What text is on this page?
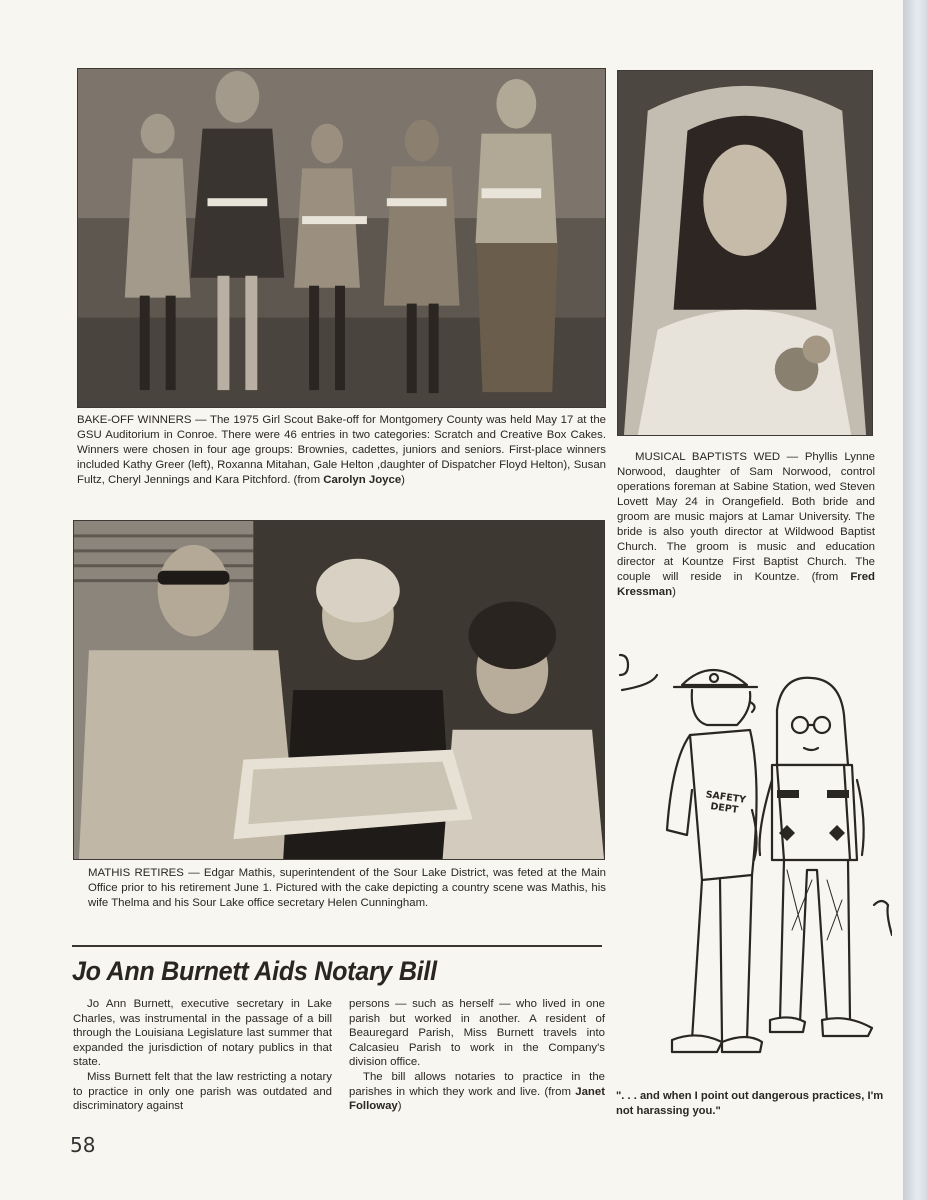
BAKE-OFF WINNERS — The 1975 Girl Scout Bake-off for Montgomery County was held May 17 at the GSU Auditorium in Conroe. There were 46 entries in two categories: Scratch and Creative Box Cakes. Winners were chosen in four age groups: Brownies, cadettes, juniors and seniors. First-place winners included Kathy Greer (left), Roxanna Mitahan, Gale Helton ,daughter of Dispatcher Floyd Helton), Susan Fultz, Cheryl Jennings and Kara Pitchford. (from Carolyn Joyce)
MUSICAL BAPTISTS WED — Phyllis Lynne Norwood, daughter of Sam Norwood, control operations foreman at Sabine Station, wed Steven Lovett May 24 in Orangefield. Both bride and groom are music majors at Lamar University. The bride is also youth director at Wildwood Baptist Church. The groom is music and education director at Kountze First Baptist Church. The couple will reside in Kountze. (from Fred Kressman)
MATHIS RETIRES — Edgar Mathis, superintendent of the Sour Lake District, was feted at the Main Office prior to his retirement June 1. Pictured with the cake depicting a country scene was Mathis, his wife Thelma and his Sour Lake office secretary Helen Cunningham.
Jo Ann Burnett Aids Notary Bill

Jo Ann Burnett, executive secretary in Lake Charles, was instrumental in the passage of a bill through the Louisiana Legislature last summer that expanded the jurisdiction of notary publics in that state.

Miss Burnett felt that the law restricting a notary to practice in only one parish was outdated and discriminatory against

persons — such as herself — who lived in one parish but worked in another. A resident of Beauregard Parish, Miss Burnett travels into Calcasieu Parish to work in the Company's division office.

The bill allows notaries to practice in the parishes in which they work and live. (from Janet Followay)

SAFETY DEPT
". . . and when I point out dangerous practices, I'm not harassing you."
58
